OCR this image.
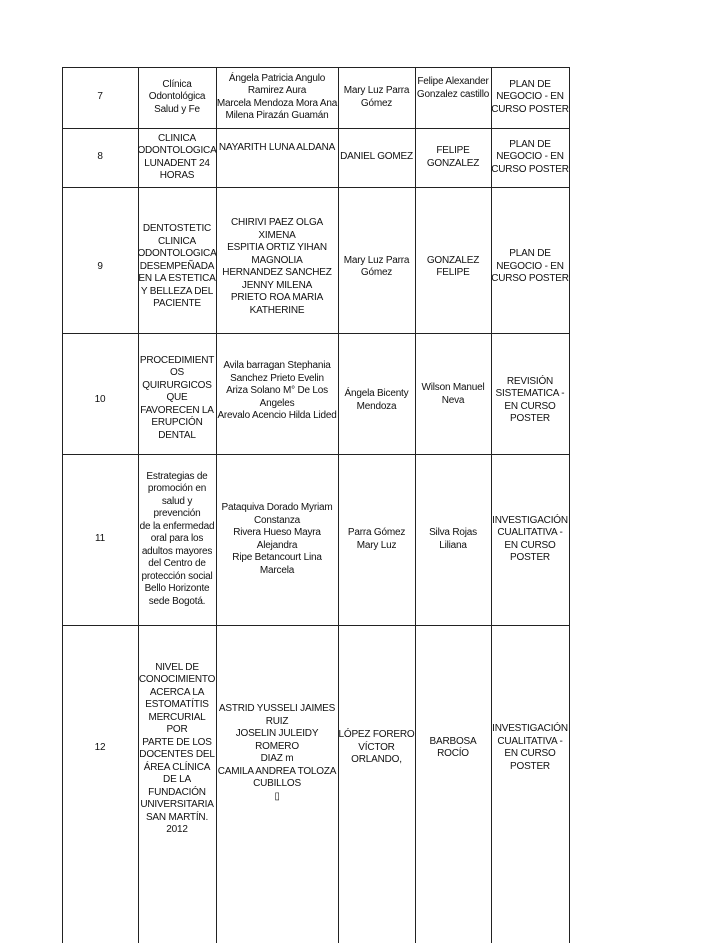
7
Clínica
Odontológica
Salud y Fe
Ángela Patricia Angulo
Ramirez Aura
Marcela Mendoza Mora Ana
Milena Pirazán Guamán
Mary Luz Parra
Gómez
Felipe Alexander
Gonzalez castillo
PLAN DE
NEGOCIO - EN
CURSO POSTER
8
CLINICA
ODONTOLOGICA
LUNADENT 24
HORAS
NAYARITH LUNA ALDANA
DANIEL GOMEZ
FELIPE
GONZALEZ
PLAN DE
NEGOCIO - EN
CURSO POSTER
9
DENTOSTETIC
CLINICA
ODONTOLOGICA
DESEMPEÑADA
EN LA ESTETICA
Y BELLEZA DEL
PACIENTE
CHIRIVI PAEZ OLGA XIMENA
ESPITIA ORTIZ YIHAN
MAGNOLIA
HERNANDEZ SANCHEZ
JENNY MILENA
PRIETO ROA MARIA
KATHERINE
Mary Luz Parra
Gómez
GONZALEZ
FELIPE
PLAN DE
NEGOCIO - EN
CURSO POSTER
10
PROCEDIMIENT
OS
QUIRURGICOS
QUE
FAVORECEN LA
ERUPCIÓN
DENTAL
Avila barragan Stephania
Sanchez Prieto Evelin
Ariza Solano M° De Los
Angeles
Arevalo Acencio Hilda Lided
Ángela Bicenty
Mendoza
Wilson Manuel
Neva
REVISIÓN
SISTEMATICA -
EN CURSO
POSTER
11
Estrategias de
promoción en
salud y prevención
de la enfermedad
oral para los
adultos mayores
del Centro de
protección social
Bello Horizonte
sede Bogotá.
Pataquiva Dorado Myriam
Constanza
Rivera Hueso Mayra Alejandra
Ripe Betancourt Lina Marcela
Parra Gómez
Mary Luz
Silva Rojas Liliana
INVESTIGACIÓN
CUALITATIVA -
EN CURSO
POSTER
12
NIVEL DE
CONOCIMIENTO
ACERCA LA
ESTOMATÍTIS
MERCURIAL POR
PARTE DE LOS
DOCENTES DEL
ÁREA CLÍNICA
DE LA
FUNDACIÓN
UNIVERSITARIA
SAN MARTÍN.
2012
ASTRID YUSSELI JAIMES
RUIZ
JOSELIN JULEIDY ROMERO
DIAZ m
CAMILA ANDREA TOLOZA
CUBILLOS
▯
LÓPEZ FORERO
VÍCTOR
ORLANDO,
BARBOSA
ROCÍO
INVESTIGACIÓN
CUALITATIVA -
EN CURSO
POSTER
